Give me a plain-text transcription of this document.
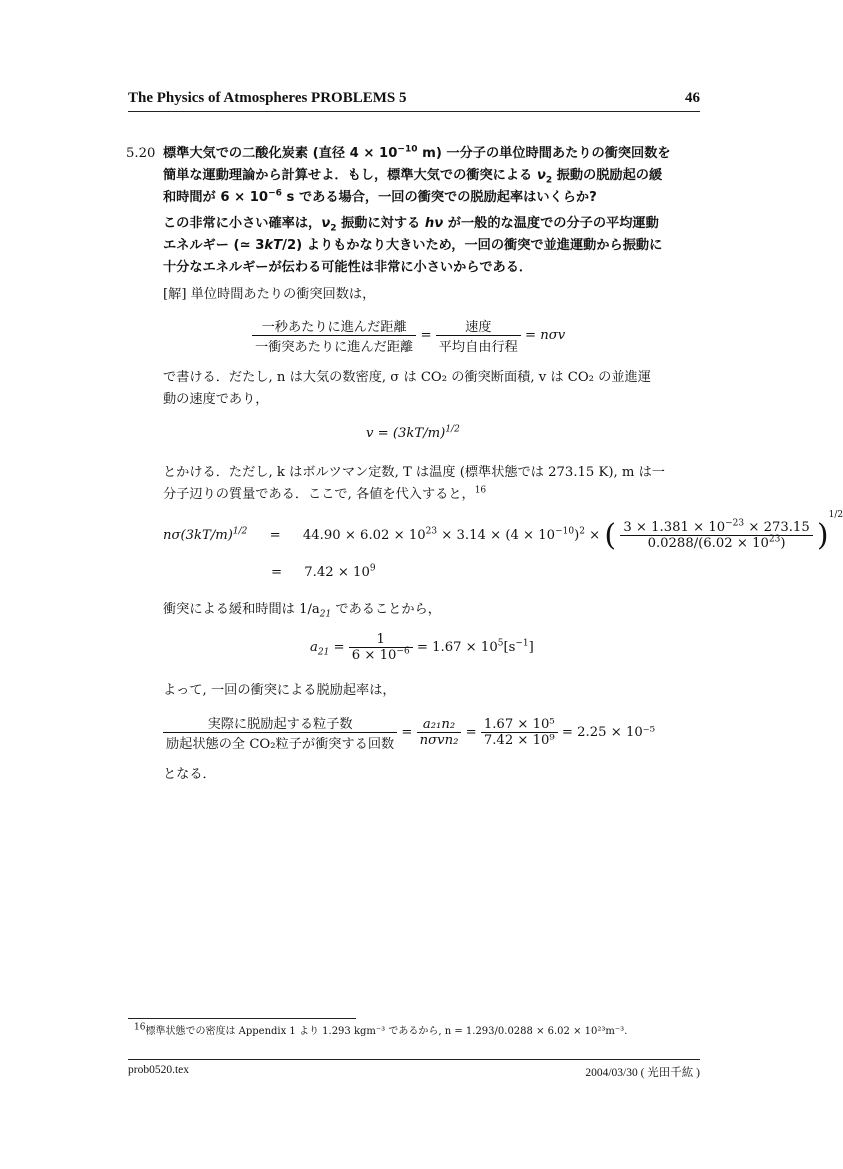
The Physics of Atmospheres PROBLEMS 5	46
5.20 標準大気での二酸化炭素 (直径 $4 \times 10^{-10}$ m) 一分子の単位時間あたりの衝突回数を
簡単な運動理論から計算せよ．もし，標準大気での衝突による $\nu_2$ 振動の脱励起の緩
和時間が $6 \times 10^{-6}$ s である場合，一回の衝突での脱励起率はいくらか?
この非常に小さい確率は，$\nu_2$ 振動に対する hν が一般的な温度での分子の平均運動
エネルギー (≃ 3kT/2) よりもかなり大きいため，一回の衝突で並進運動から振動に
十分なエネルギーが伝わる可能性は非常に小さいからである．
[解] 単位時間あたりの衝突回数は，
$\frac{\text{一秒あたりに進んだ距離}}{\text{一衝突あたりに進んだ距離}} = \frac{\text{速度}}{\text{平均自由行程}} = n\sigma v$
で書ける．だたし, n は大気の数密度, σ は CO₂ の衝突断面積, v は CO₂ の並進運
動の速度であり，
$v = (3kT/m)^{1/2}$
とかける．ただし, k はボルツマン定数, T は温度 (標準状態では 273.15 K), m は一
分子辺りの質量である．ここで, 各値を代入すると，$^{16}$
$n\sigma(3kT/m)^{1/2} = 44.90 \times 6.02 \times 10^{23} \times 3.14 \times (4 \times 10^{-10})^2$ × ( $\frac{3 \times 1.381 \times 10^{-23} \times 273.15}{0.0288/(6.02 \times 10^{23})} )^{1/2}$
= $7.42 \times 10^9$
衝突による緩和時間は $1/a_{21}$ であることから，
$a_{21} = \frac{1}{6 \times 10^{-6}} = 1.67 \times 10^5[s^{-1}]$
よって, 一回の衝突による脱励起率は，
$\frac{\text{実際に脱励起する粒子数}}{\text{励起状態の全 CO₂粒子が衝突する回数}} = \frac{\text{a₂₁n₂}}{\text{nσvn₂}} = \frac{\text{1.67 × 10⁵}}{\text{7.42 × 10⁹}} = 2.25 \times 10^{-5}$
となる．
$^{16}$標準状態での密度は Appendix 1 より 1.293 kgm⁻³ であるから, n = 1.293/0.0288 × 6.02 × 10²³m⁻³.
prob0520.tex	2004/03/30 ( 光田千紘 )
